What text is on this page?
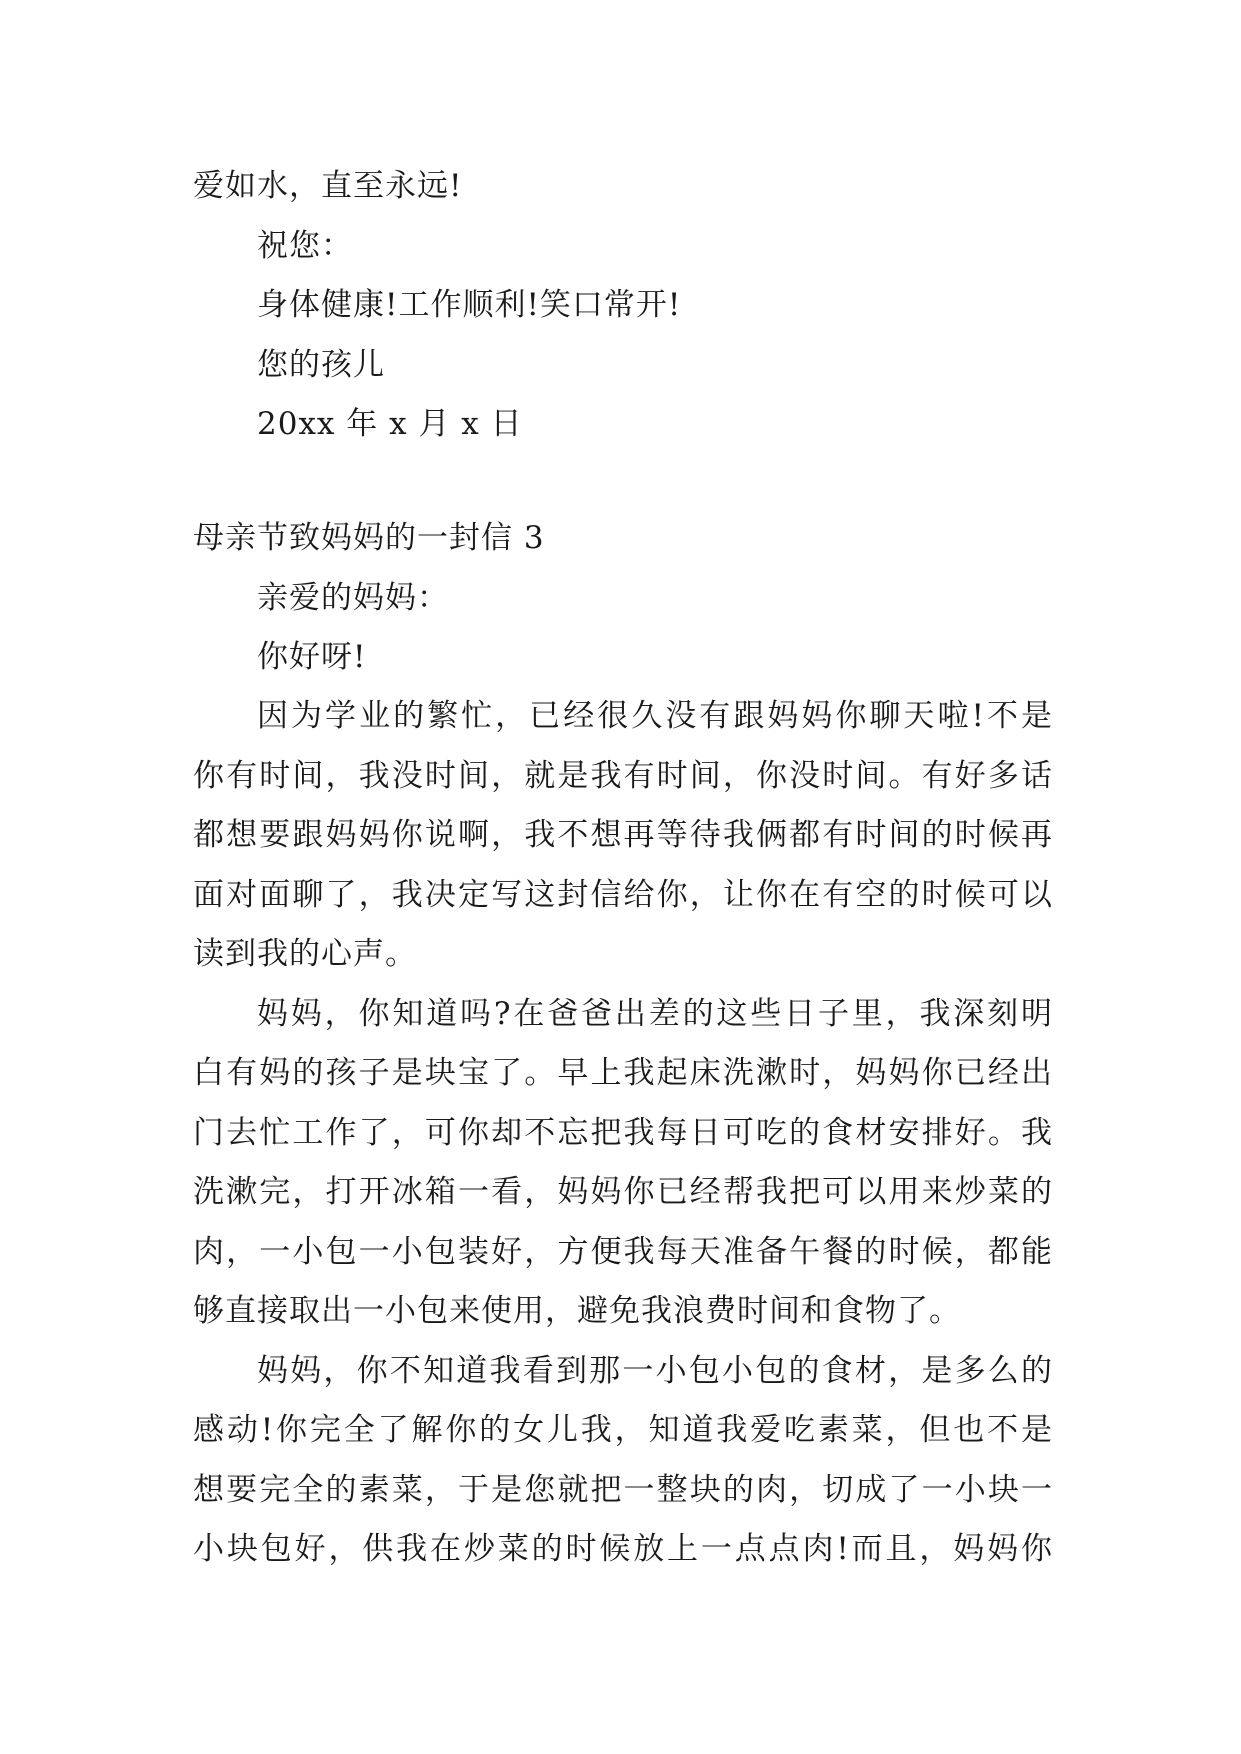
爱如水，直至永远!
祝您：
身体健康!工作顺利!笑口常开!
您的孩儿
20xx 年 x 月 x 日
母亲节致妈妈的一封信 3
亲爱的妈妈：
你好呀!
因为学业的繁忙，已经很久没有跟妈妈你聊天啦!不是
你有时间，我没时间，就是我有时间，你没时间。有好多话
都想要跟妈妈你说啊，我不想再等待我俩都有时间的时候再
面对面聊了，我决定写这封信给你，让你在有空的时候可以
读到我的心声。
妈妈，你知道吗?在爸爸出差的这些日子里，我深刻明
白有妈的孩子是块宝了。早上我起床洗漱时，妈妈你已经出
门去忙工作了，可你却不忘把我每日可吃的食材安排好。我
洗漱完，打开冰箱一看，妈妈你已经帮我把可以用来炒菜的
肉，一小包一小包装好，方便我每天准备午餐的时候，都能
够直接取出一小包来使用，避免我浪费时间和食物了。
妈妈，你不知道我看到那一小包小包的食材，是多么的
感动!你完全了解你的女儿我，知道我爱吃素菜，但也不是
想要完全的素菜，于是您就把一整块的肉，切成了一小块一
小块包好，供我在炒菜的时候放上一点点肉!而且，妈妈你
